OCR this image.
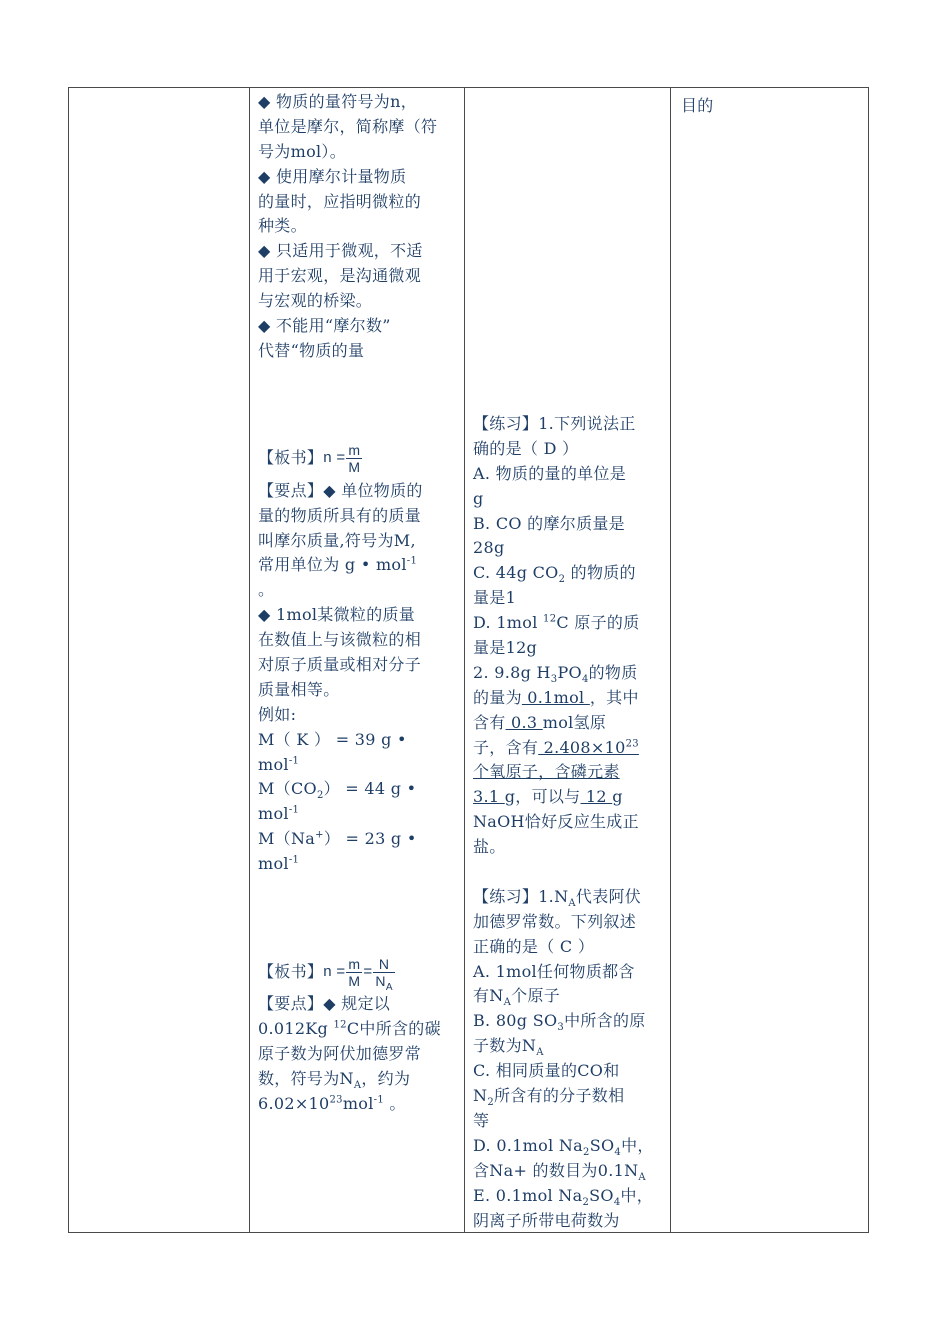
◆ 物质的量符号为n，
单位是摩尔，简称摩（符
号为mol）。
◆ 使用摩尔计量物质
的量时，应指明微粒的
种类。
◆ 只适用于微观，不适
用于宏观，是沟通微观
与宏观的桥梁。
◆ 不能用“摩尔数”
代替“物质的量
【板书】 $n = \frac{m}{M}$
【要点】◆ 单位物质的
量的物质所具有的质量
叫摩尔质量,符号为M,
常用单位为 g • mol$^{-1}$
。
◆ 1mol某微粒的质量
在数值上与该微粒的相
对原子质量或相对分子
质量相等。
例如:
M（ K ） = 39 g •
mol$^{-1}$
$M(CO_2) = 44$ g •
mol$^{-1}$
M（Na+） = 23 g •
mol$^{-1}$
【板书】 $n = \frac{m}{M} = \frac{N}{N_A}$
【要点】◆ 规定以
0.012Kg $^{12}$C中所含的碳
原子数为阿伏加德罗常
数，符号为$N_A$，约为
$6.02\times 10^{23}mol^{-1}$ 。
【练习】1.下列说法正
确的是（ D ）
A. 物质的量的单位是
g
B. CO 的摩尔质量是
28g
C. 44g $CO_2$ 的物质的
量是1
D. 1mol $^{12}$C 原子的质
量是12g
2. 9.8g $H_3PO_4$的物质
的量为 0.1mol ，其中
含有 0.3 mol氢原
子，含有 $2.408\times 10^{23}$
个氧原子，含磷元素
3.1 g，可以与 12 g
NaOH恰好反应生成正
盐。
【练习】$1.N_A$代表阿伏
加德罗常数。下列叙述
正确的是（ C ）
A. 1mol任何物质都含
有$N_A$个原子
B. 80g $SO_3$中所含的原
子数为$N_A$
C. 相同质量的CO和
$N_2$所含有的分子数相
等
D. 0.1mol $Na_2SO_4$中，
含Na+ 的数目为$0.1N_A$
E. 0.1mol $Na_2SO_4$中，
阴离子所带电荷数为
目的
